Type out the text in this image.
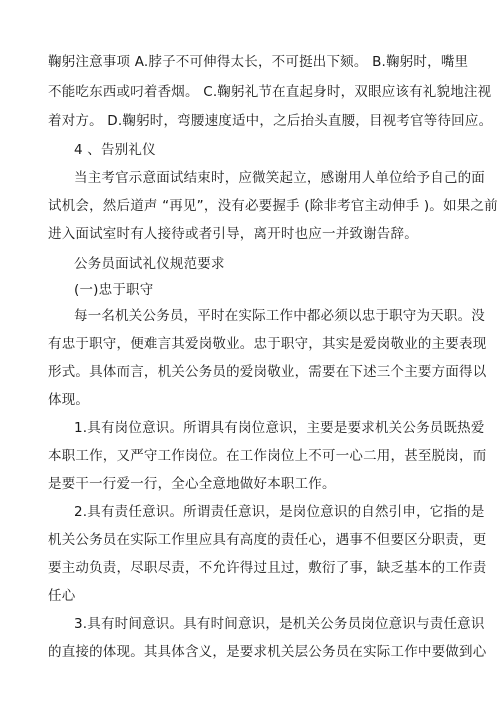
鞠躬注意事项 A.脖子不可伸得太长，不可挺出下颏。 B.鞠躬时，嘴里
不能吃东西或叼着香烟。 C.鞠躬礼节在直起身时，双眼应该有礼貌地注视
着对方。 D.鞠躬时，弯腰速度适中，之后抬头直腰，目视考官等待回应。
4 、告别礼仪
当主考官示意面试结束时，应微笑起立，感谢用人单位给予自己的面
试机会，然后道声 “再见”，没有必要握手 (除非考官主动伸手 )。如果之前
进入面试室时有人接待或者引导，离开时也应一并致谢告辞。
公务员面试礼仪规范要求
(一)忠于职守
每一名机关公务员，平时在实际工作中都必须以忠于职守为天职。没
有忠于职守，便难言其爱岗敬业。忠于职守，其实是爱岗敬业的主要表现
形式。具体而言，机关公务员的爱岗敬业，需要在下述三个主要方面得以
体现。
1.具有岗位意识。所谓具有岗位意识，主要是要求机关公务员既热爱
本职工作，又严守工作岗位。在工作岗位上不可一心二用，甚至脱岗，而
是要干一行爱一行，全心全意地做好本职工作。
2.具有责任意识。所谓责任意识，是岗位意识的自然引申，它指的是
机关公务员在实际工作里应具有高度的责任心，遇事不但要区分职责，更
要主动负责，尽职尽责，不允许得过且过，敷衍了事，缺乏基本的工作责
任心
3.具有时间意识。具有时间意识，是机关公务员岗位意识与责任意识
的直接的体现。其具体含义，是要求机关层公务员在实际工作中要做到心
